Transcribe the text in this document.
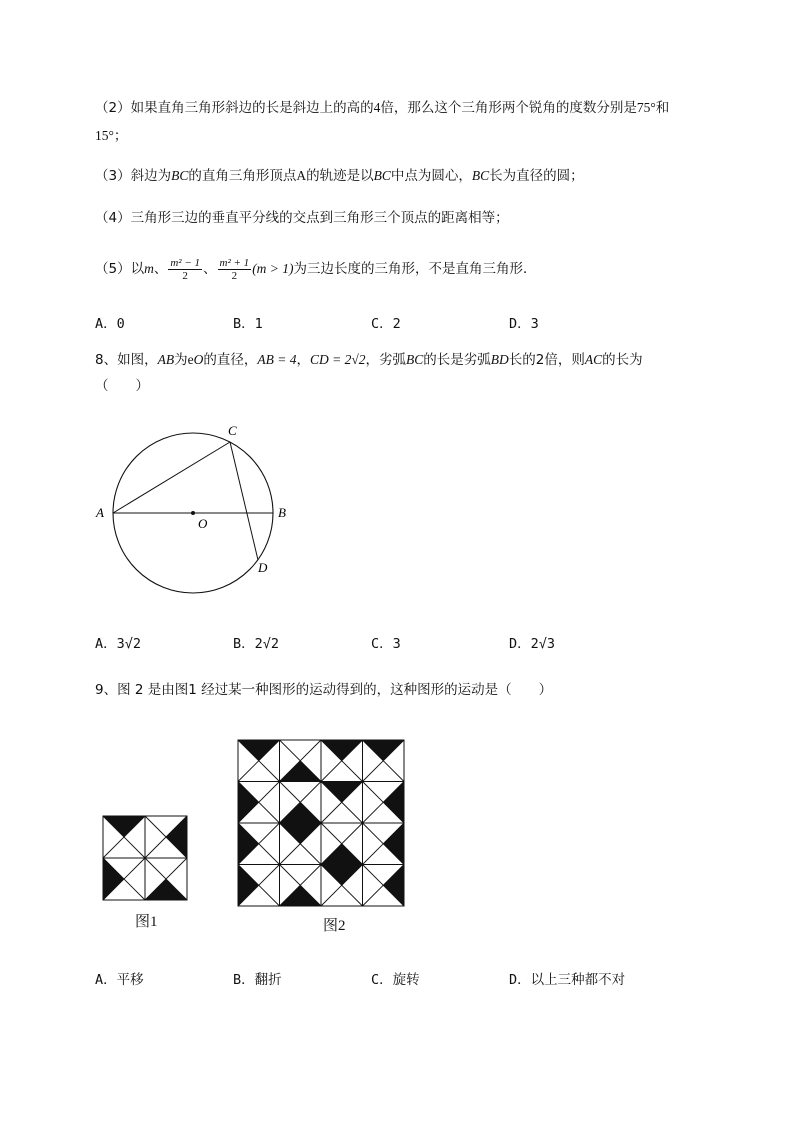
（2）如果直角三角形斜边的长是斜边上的高的4倍，那么这个三角形两个锐角的度数分别是75°和
15°；
（3）斜边为BC的直角三角形顶点A的轨迹是以BC中点为圆心，BC长为直径的圆；
（4）三角形三边的垂直平分线的交点到三角形三个顶点的距离相等；
（5）以m、 $\frac{\text{m² − 1}}{2}$ 、 $\frac{\text{m² + 1}}{2} (m > 1)$为三边长度的三角形，不是直角三角形．
A．0	B．1	C．2	D．3
8、如图，AB为eO的直径，AB = 4，CD = 2√2，劣弧BC的长是劣弧BD长的2倍，则AC的长为
（　　）
A	B
C
D
O
A．3√2	B．2√2	C．3	D．2√3
9、图 2 是由图1 经过某一种图形的运动得到的，这种图形的运动是（　　）
图1	图2
A．平移	B．翻折	C．旋转	D．以上三种都不对
